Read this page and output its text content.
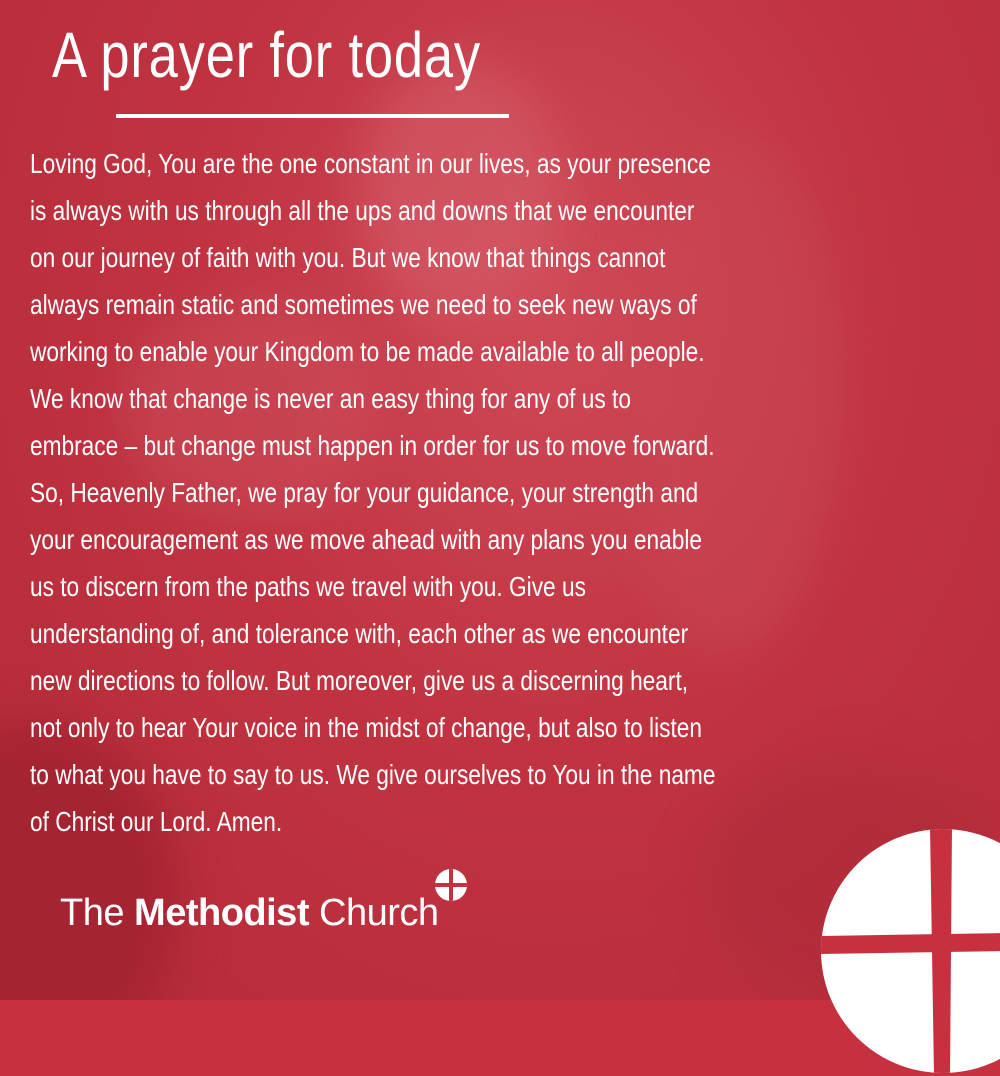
A prayer for today
Loving God, You are the one constant in our lives, as your presence
is always with us through all the ups and downs that we encounter
on our journey of faith with you. But we know that things cannot
always remain static and sometimes we need to seek new ways of
working to enable your Kingdom to be made available to all people.
We know that change is never an easy thing for any of us to
embrace – but change must happen in order for us to move forward.
So, Heavenly Father, we pray for your guidance, your strength and
your encouragement as we move ahead with any plans you enable
us to discern from the paths we travel with you. Give us
understanding of, and tolerance with, each other as we encounter
new directions to follow. But moreover, give us a discerning heart,
not only to hear Your voice in the midst of change, but also to listen
to what you have to say to us. We give ourselves to You in the name
of Christ our Lord. Amen.
The Methodist Church
